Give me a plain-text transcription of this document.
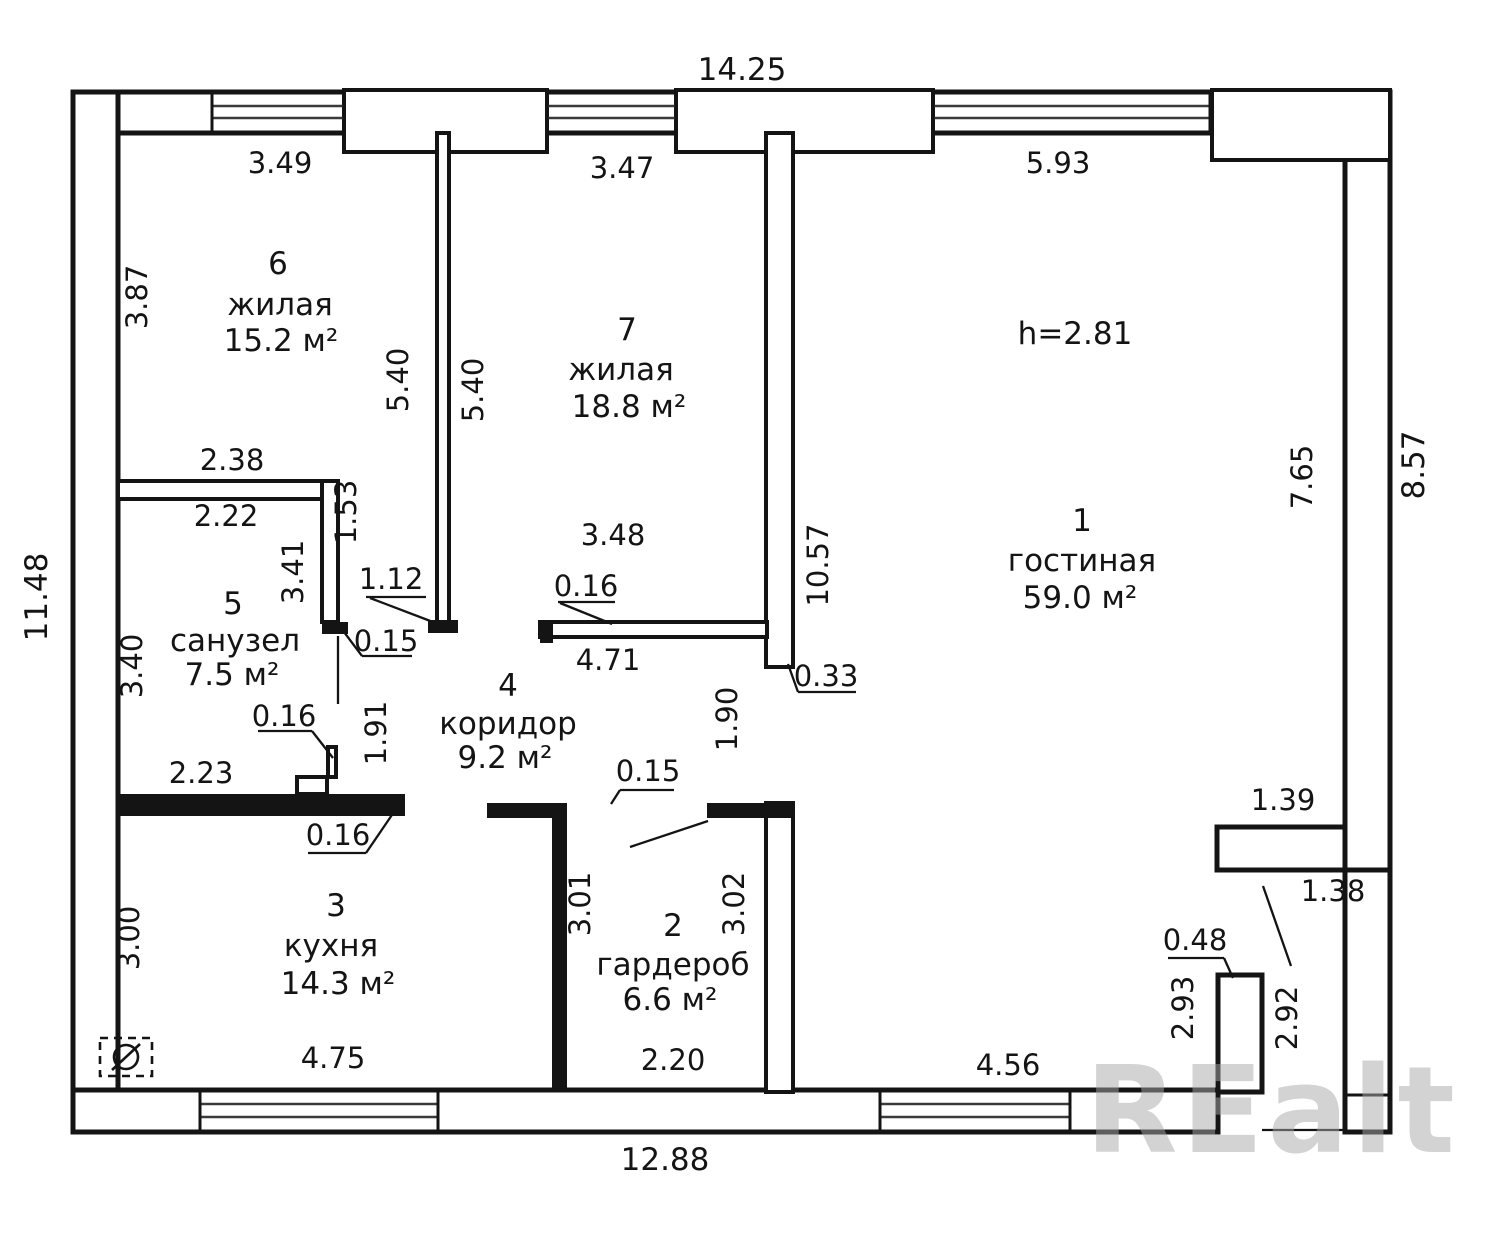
REalt
14.25
11.48
8.57
12.88
3.49	3.47	5.93
3.87
5.40 5.40
7.65
10.57
0.33
1.90
3.48
0.16
4.71
2.38
2.22 1.53
3.41
3.40
1.12
0.15
0.16
2.23
1.91
0.16
3.00
4.75
0.15
3.01	3.02
2.20	4.56
1.39
1.38
0.48
2.93 2.92
1
гостиная
59.0 м²
2
гардероб
6.6 м²
3
кухня
14.3 м²
4
коридор
9.2 м²
5
санузел
7.5 м²
6
жилая
15.2 м²	7
жилая
18.8 м²
h=2.81
